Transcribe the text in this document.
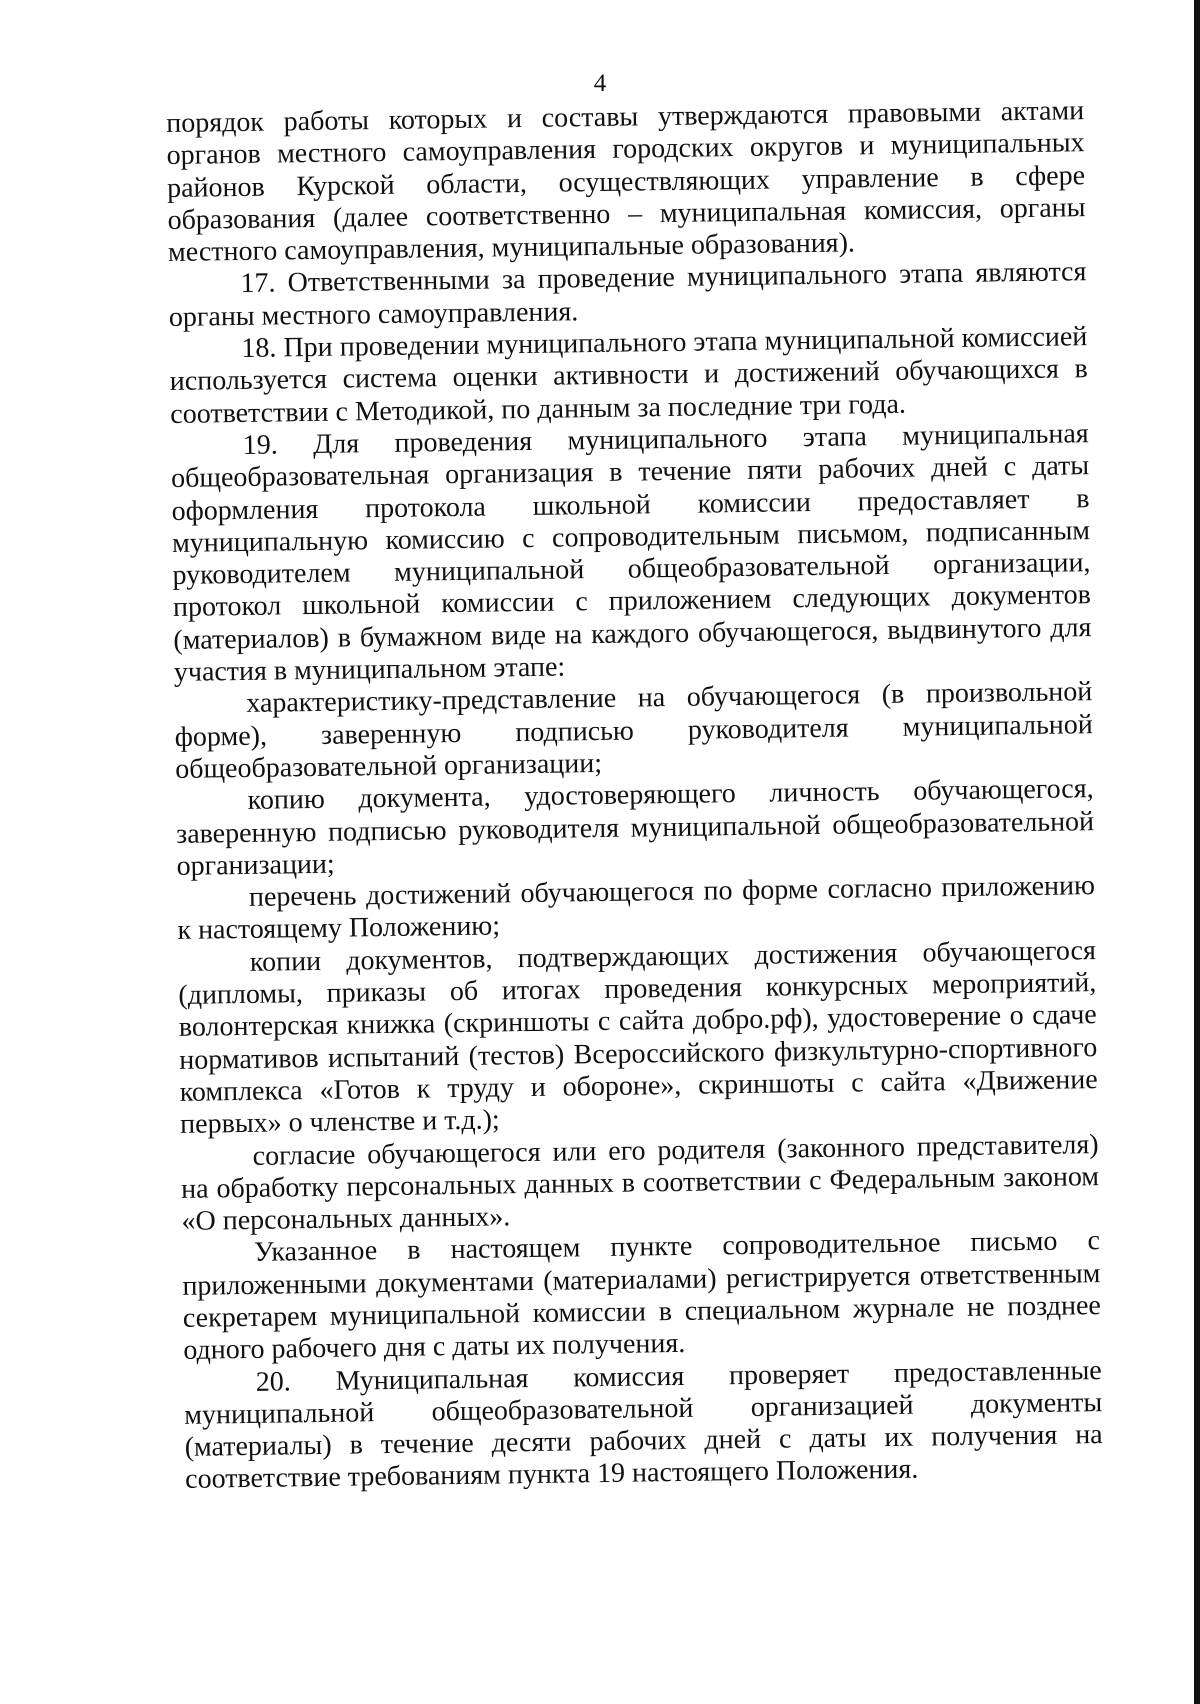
4

порядок работы которых и составы утверждаются правовыми актами органов местного самоуправления городских округов и муниципальных районов Курской области, осуществляющих управление в сфере образования (далее соответственно – муниципальная комиссия, органы местного самоуправления, муниципальные образования).

17. Ответственными за проведение муниципального этапа являются органы местного самоуправления.

18. При проведении муниципального этапа муниципальной комиссией используется система оценки активности и достижений обучающихся в соответствии с Методикой, по данным за последние три года.

19. Для проведения муниципального этапа муниципальная общеобразовательная организация в течение пяти рабочих дней с даты оформления протокола школьной комиссии предоставляет в муниципальную комиссию с сопроводительным письмом, подписанным руководителем муниципальной общеобразовательной организации, протокол школьной комиссии с приложением следующих документов (материалов) в бумажном виде на каждого обучающегося, выдвинутого для участия в муниципальном этапе:

характеристику-представление на обучающегося (в произвольной форме), заверенную подписью руководителя муниципальной общеобразовательной организации;

копию документа, удостоверяющего личность обучающегося, заверенную подписью руководителя муниципальной общеобразовательной организации;

перечень достижений обучающегося по форме согласно приложению к настоящему Положению;

копии документов, подтверждающих достижения обучающегося (дипломы, приказы об итогах проведения конкурсных мероприятий, волонтерская книжка (скриншоты с сайта добро.рф), удостоверение о сдаче нормативов испытаний (тестов) Всероссийского физкультурно-спортивного комплекса «Готов к труду и обороне», скриншоты с сайта «Движение первых» о членстве и т.д.);

согласие обучающегося или его родителя (законного представителя) на обработку персональных данных в соответствии с Федеральным законом «О персональных данных».

Указанное в настоящем пункте сопроводительное письмо с приложенными документами (материалами) регистрируется ответственным секретарем муниципальной комиссии в специальном журнале не позднее одного рабочего дня с даты их получения.

20. Муниципальная комиссия проверяет предоставленные муниципальной общеобразовательной организацией документы (материалы) в течение десяти рабочих дней с даты их получения на соответствие требованиям пункта 19 настоящего Положения.
